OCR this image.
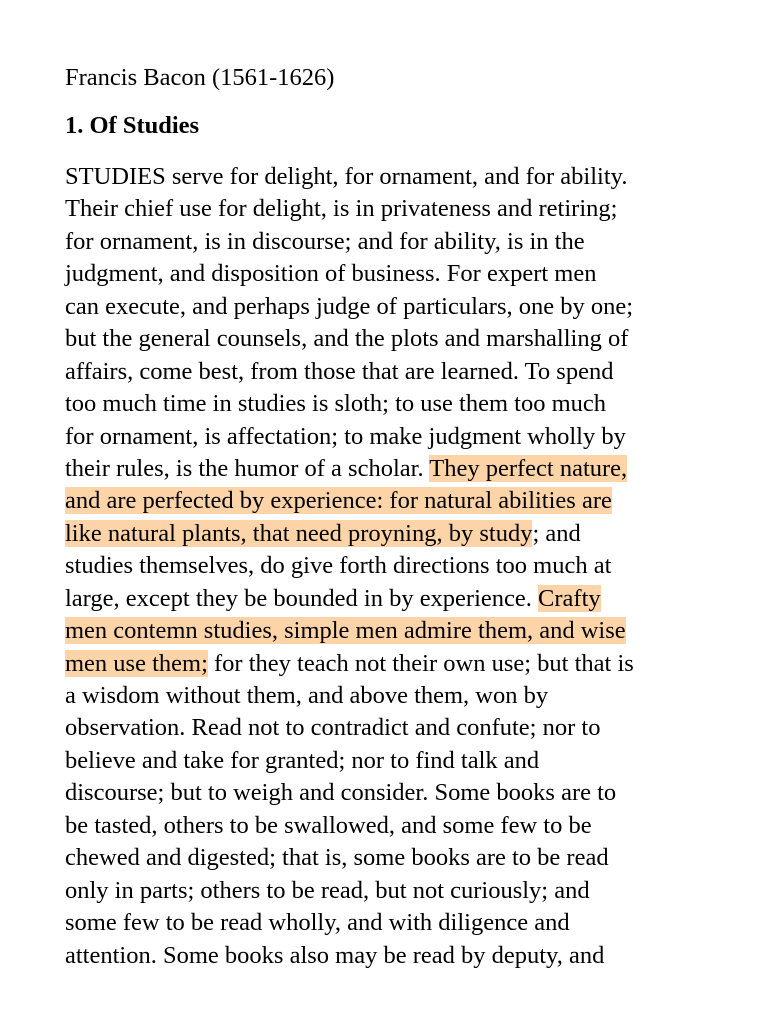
Francis Bacon (1561-1626)

1. Of Studies

STUDIES serve for delight, for ornament, and for ability.
Their chief use for delight, is in privateness and retiring;
for ornament, is in discourse; and for ability, is in the
judgment, and disposition of business. For expert men
can execute, and perhaps judge of particulars, one by one;
but the general counsels, and the plots and marshalling of
affairs, come best, from those that are learned. To spend
too much time in studies is sloth; to use them too much
for ornament, is affectation; to make judgment wholly by
their rules, is the humor of a scholar. They perfect nature,
and are perfected by experience: for natural abilities are
like natural plants, that need proyning, by study; and
studies themselves, do give forth directions too much at
large, except they be bounded in by experience. Crafty
men contemn studies, simple men admire them, and wise
men use them; for they teach not their own use; but that is
a wisdom without them, and above them, won by
observation. Read not to contradict and confute; nor to
believe and take for granted; nor to find talk and
discourse; but to weigh and consider. Some books are to
be tasted, others to be swallowed, and some few to be
chewed and digested; that is, some books are to be read
only in parts; others to be read, but not curiously; and
some few to be read wholly, and with diligence and
attention. Some books also may be read by deputy, and
